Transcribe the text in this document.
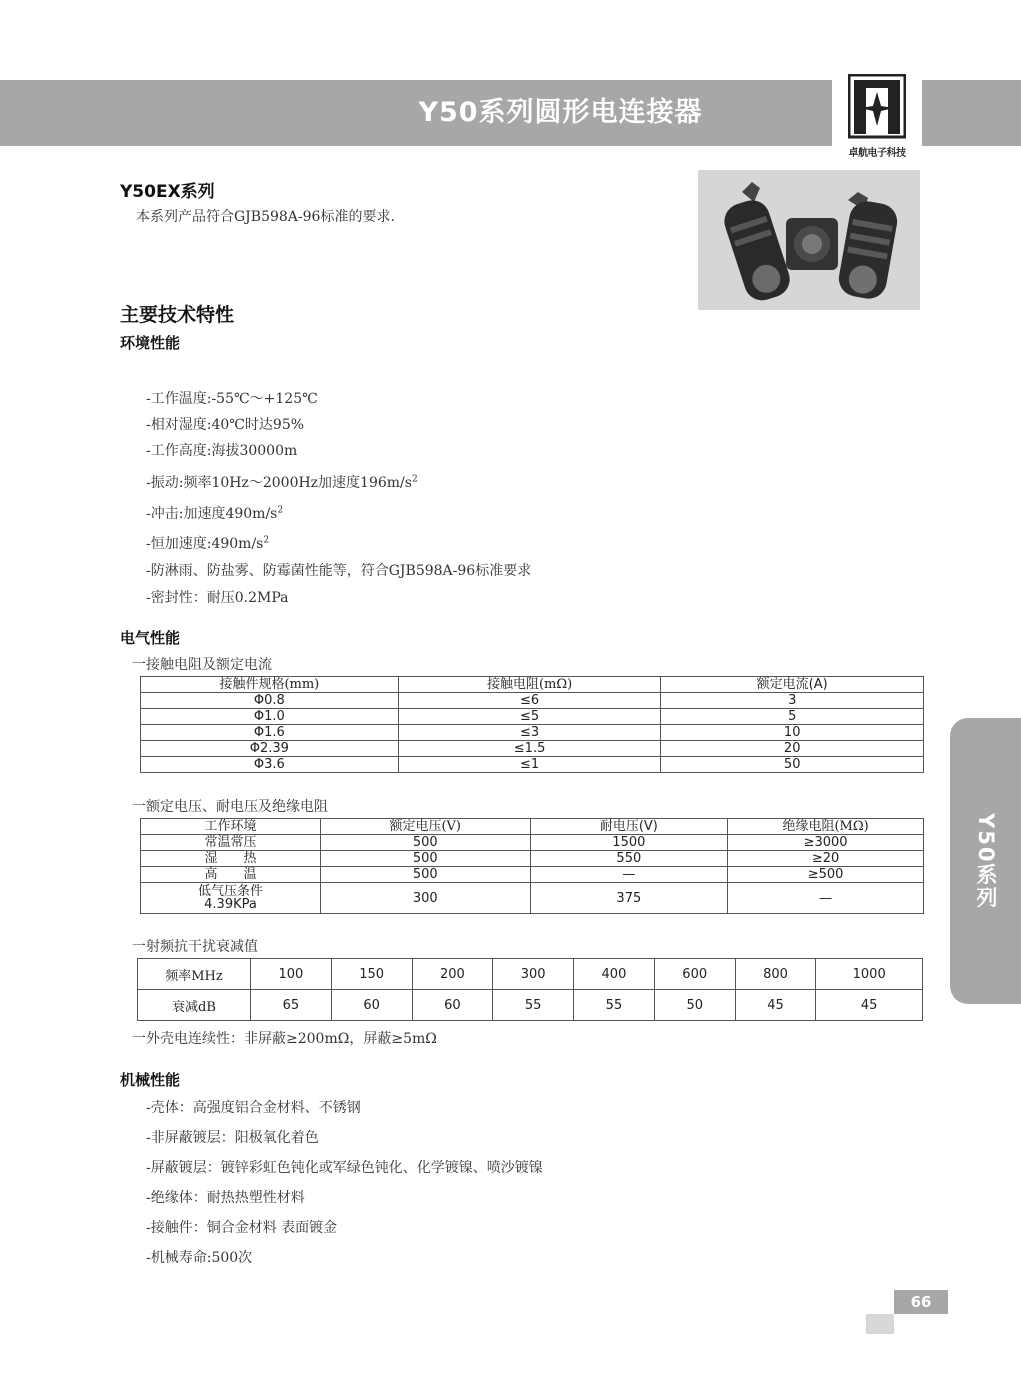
Y50系列圆形电连接器
卓航电子科技
Y50EX系列
本系列产品符合GJB598A-96标准的要求.
主要技术特性
环境性能
-工作温度:-55℃～+125℃
-相对湿度:40℃时达95%
-工作高度:海拔30000m
-振动:频率10Hz～2000Hz加速度$196m/s^2$
-冲击:加速度$490m/s^2$
-恒加速度$:490m/s^2$
-防淋雨、防盐雾、防霉菌性能等，符合GJB598A-96标准要求
-密封性：耐压0.2MPa
电气性能
一接触电阻及额定电流
接触件规格(mm)	接触电阻(mΩ)	额定电流(A)
Φ0.8	≤6	3
Φ1.0	≤5	5
Φ1.6	≤3	10
Φ2.39	≤1.5	20
Φ3.6	≤1	50
一额定电压、耐电压及绝缘电阻
工作环境	额定电压(V)	耐电压(V)	绝缘电阻(MΩ)
常温常压	500	1500	≥3000
湿　　热	500	550	≥20
高　　温	500	—	≥500

低气压条件
4.39KPa	300	375	—
一射频抗干扰衰减值
频率MHz	100	150	200	300	400	600	800	1000
衰减dB	65	60	60	55	55	50	45	45
一外壳电连续性：非屏蔽≥200mΩ，屏蔽≥5mΩ
机械性能
-壳体：高强度铝合金材料、不锈钢
-非屏蔽镀层：阳极氧化着色
-屏蔽镀层：镀锌彩虹色钝化或军绿色钝化、化学镀镍、喷沙镀镍
-绝缘体：耐热热塑性材料
-接触件：铜合金材料 表面镀金
-机械寿命:500次
Y50系列
66
